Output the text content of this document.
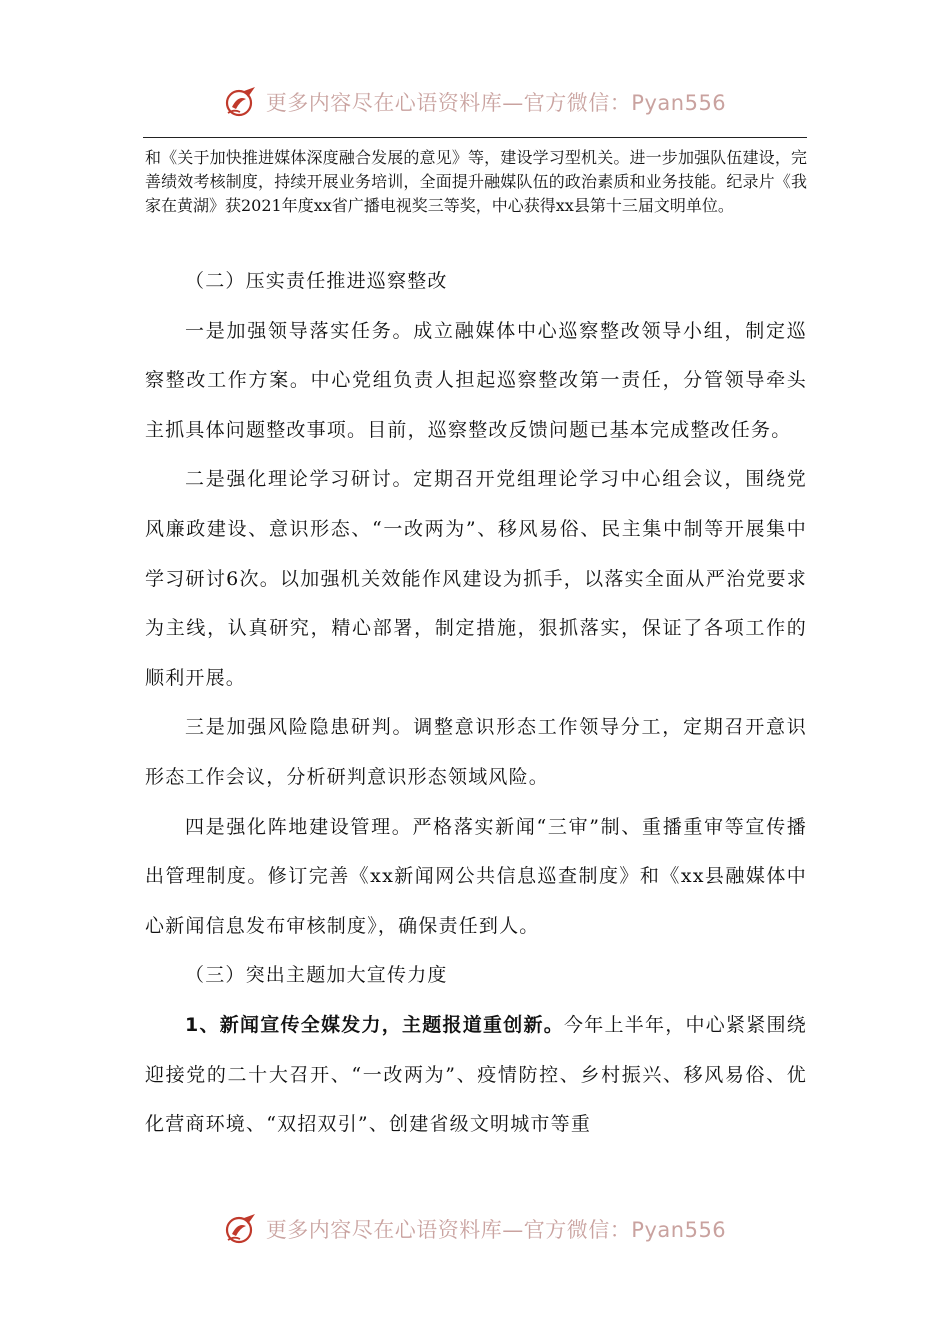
更多内容尽在心语资料库—官方微信：Pyan556

和《关于加快推进媒体深度融合发展的意见》等，建设学习型机关。进一步加强队伍建设，完善绩效考核制度，持续开展业务培训，全面提升融媒队伍的政治素质和业务技能。纪录片《我家在黄湖》获2021年度xx省广播电视奖三等奖，中心获得xx县第十三届文明单位。

（二）压实责任推进巡察整改

一是加强领导落实任务。成立融媒体中心巡察整改领导小组，制定巡察整改工作方案。中心党组负责人担起巡察整改第一责任，分管领导牵头主抓具体问题整改事项。目前，巡察整改反馈问题已基本完成整改任务。

二是强化理论学习研讨。定期召开党组理论学习中心组会议，围绕党风廉政建设、意识形态、“一改两为”、移风易俗、民主集中制等开展集中学习研讨6次。以加强机关效能作风建设为抓手，以落实全面从严治党要求为主线，认真研究，精心部署，制定措施，狠抓落实，保证了各项工作的顺利开展。

三是加强风险隐患研判。调整意识形态工作领导分工，定期召开意识形态工作会议，分析研判意识形态领域风险。

四是强化阵地建设管理。严格落实新闻“三审”制、重播重审等宣传播出管理制度。修订完善《xx新闻网公共信息巡查制度》和《xx县融媒体中心新闻信息发布审核制度》，确保责任到人。

（三）突出主题加大宣传力度

1、新闻宣传全媒发力，主题报道重创新。今年上半年，中心紧紧围绕迎接党的二十大召开、“一改两为”、疫情防控、乡村振兴、移风易俗、优化营商环境、“双招双引”、创建省级文明城市等重

更多内容尽在心语资料库—官方微信：Pyan556
